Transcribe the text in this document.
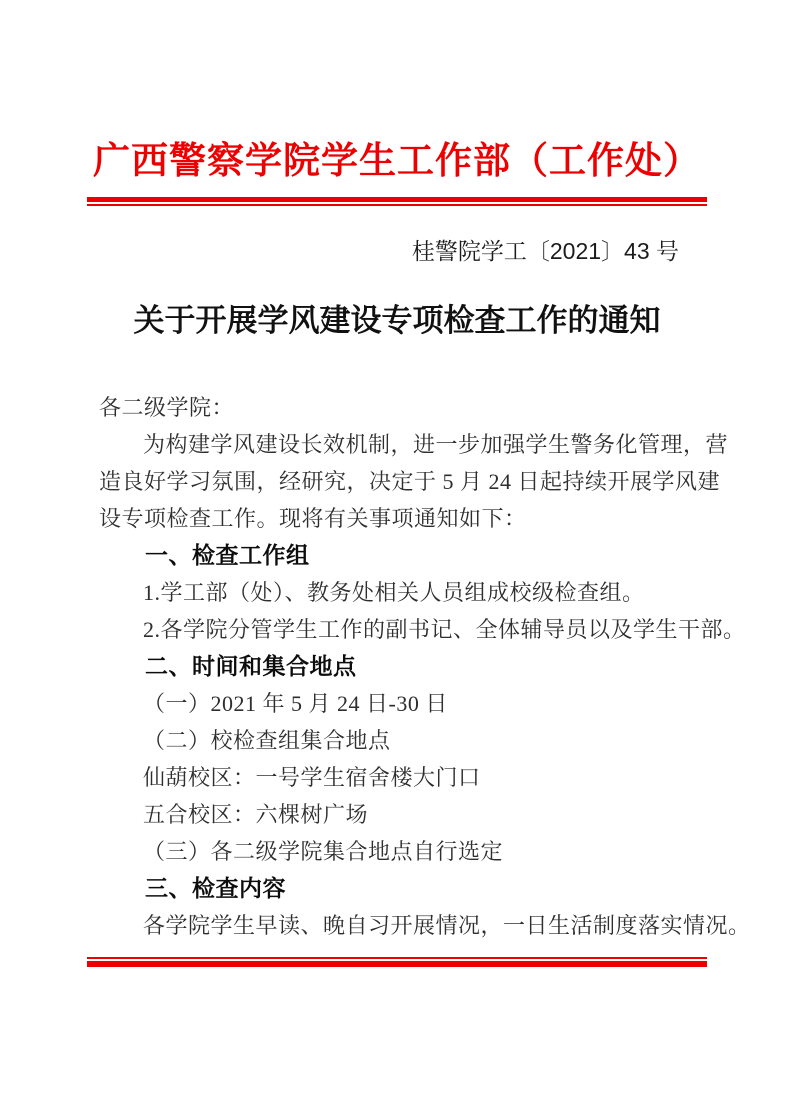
广西警察学院学生工作部（工作处）
桂警院学工〔2021〕43 号
关于开展学风建设专项检查工作的通知
各二级学院：
为构建学风建设长效机制，进一步加强学生警务化管理，营
造良好学习氛围，经研究，决定于 5 月 24 日起持续开展学风建
设专项检查工作。现将有关事项通知如下：
一、检查工作组
1.学工部（处）、教务处相关人员组成校级检查组。
2.各学院分管学生工作的副书记、全体辅导员以及学生干部。
二、时间和集合地点
（一）2021 年 5 月 24 日-30 日
（二）校检查组集合地点
仙葫校区：一号学生宿舍楼大门口
五合校区：六棵树广场
（三）各二级学院集合地点自行选定
三、检查内容
各学院学生早读、晚自习开展情况，一日生活制度落实情况。
